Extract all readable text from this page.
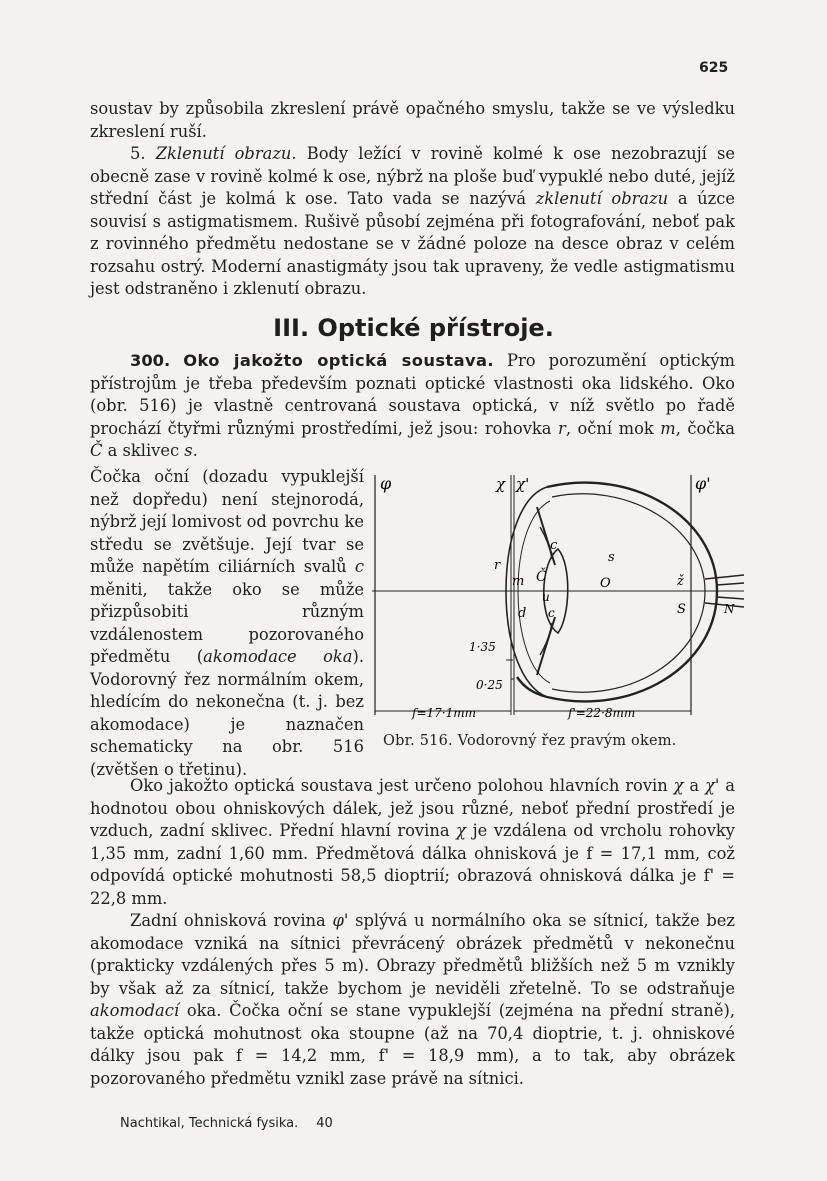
625

soustav by způsobila zkreslení právě opačného smyslu, takže se ve výsledku zkreslení ruší.

5. Zklenutí obrazu. Body ležící v rovině kolmé k ose nezobrazují se obecně zase v rovině kolmé k ose, nýbrž na ploše buď vypuklé nebo duté, jejíž střední část je kolmá k ose. Tato vada se nazývá zklenutí obrazu a úzce souvisí s astigmatismem. Rušivě působí zejména při fotografování, neboť pak z rovinného předmětu nedostane se v žádné poloze na desce obraz v celém rozsahu ostrý. Moderní anastigmáty jsou tak upraveny, že vedle astigmatismu jest odstraněno i zklenutí obrazu.

III. Optické přístroje.

300. Oko jakožto optická soustava. Pro porozumění optickým přístrojům je třeba především poznati optické vlastnosti oka lidského. Oko (obr. 516) je vlastně centrovaná soustava optická, v níž světlo po řadě prochází čtyřmi různými prostředími, jež jsou: rohovka r, oční mok m, čočka Č a sklivec s.

Čočka oční (dozadu vypuklejší než dopředu) není stejnorodá, nýbrž její lomivost od povrchu ke středu se zvětšuje. Její tvar se může napětím ciliárních svalů c měniti, takže oko se může přizpůsobiti různým vzdálenostem pozorovaného předmětu (akomodace oka). Vodorovný řez normálním okem, hledícím do nekonečna (t. j. bez akomodace) je naznačen schematicky na obr. 516 (zvětšen o třetinu).

φ	χ χ'	φ'
c
s
r
m Č
u
O	ž
S	N
d c
1·35
0·25
f=17·1mm	f'=22·8mm
Obr. 516. Vodorovný řez pravým okem.

Oko jakožto optická soustava jest určeno polohou hlavních rovin χ a χ' a hodnotou obou ohniskových dálek, jež jsou různé, neboť přední prostředí je vzduch, zadní sklivec. Přední hlavní rovina χ je vzdálena od vrcholu rohovky 1,35 mm, zadní 1,60 mm. Předmětová dálka ohnisková je f = 17,1 mm, což odpovídá optické mohutnosti 58,5 dioptrií; obrazová ohnisková dálka je f' = 22,8 mm.

Zadní ohnisková rovina φ' splývá u normálního oka se sítnicí, takže bez akomodace vzniká na sítnici převrácený obrázek předmětů v nekonečnu (prakticky vzdálených přes 5 m). Obrazy předmětů bližších než 5 m vznikly by však až za sítnicí, takže bychom je neviděli zřetelně. To se odstraňuje akomodací oka. Čočka oční se stane vypuklejší (zejména na přední straně), takže optická mohutnost oka stoupne (až na 70,4 dioptrie, t. j. ohniskové dálky jsou pak f = 14,2 mm, f' = 18,9 mm), a to tak, aby obrázek pozorovaného předmětu vznikl zase právě na sítnici.

Nachtikal, Technická fysika. 40
